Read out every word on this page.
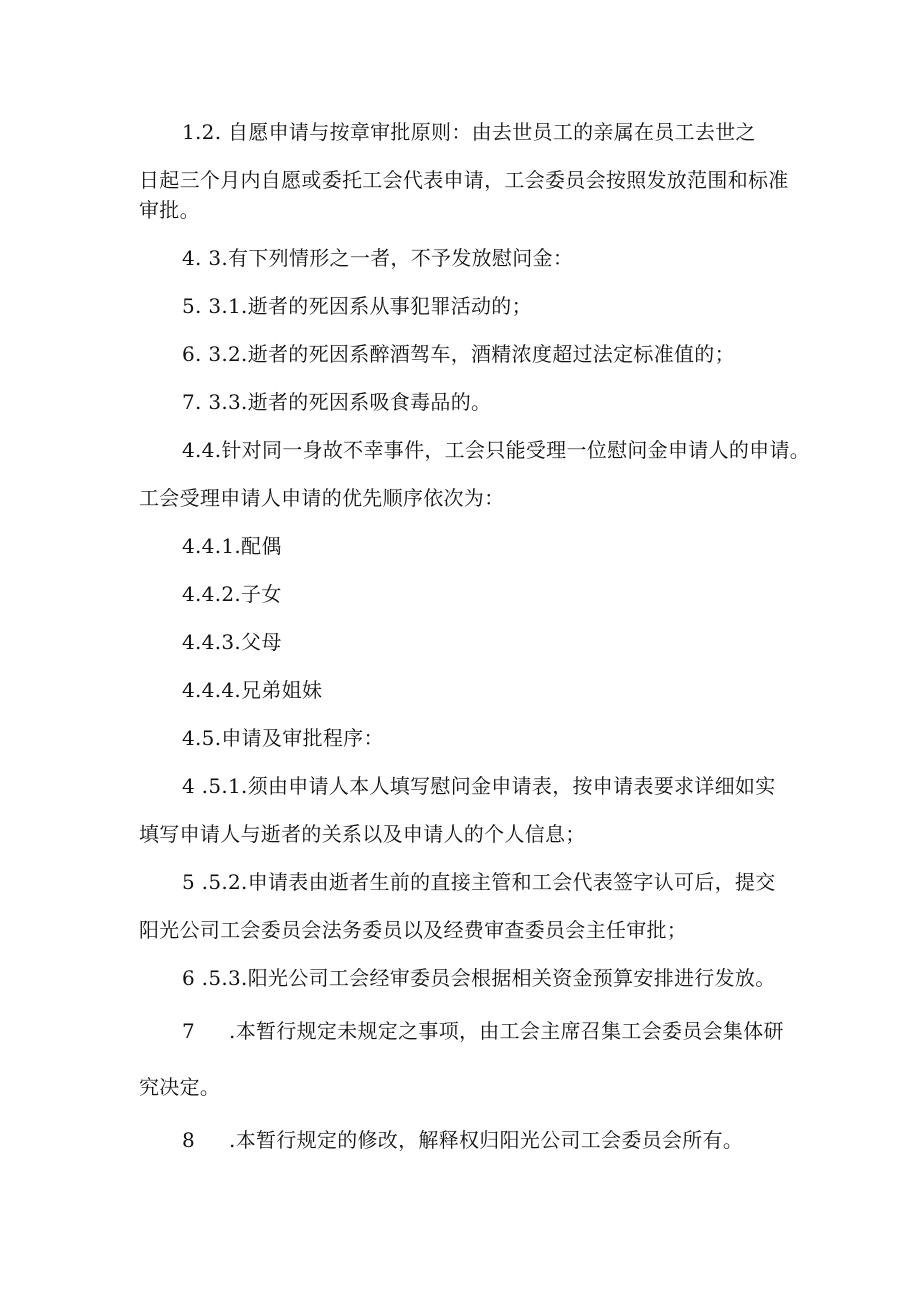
1.2. 自愿申请与按章审批原则：由去世员工的亲属在员工去世之
日起三个月内自愿或委托工会代表申请，工会委员会按照发放范围和标准
审批。
4. 3.有下列情形之一者，不予发放慰问金：
5. 3.1.逝者的死因系从事犯罪活动的；
6. 3.2.逝者的死因系醉酒驾车，酒精浓度超过法定标准值的；
7. 3.3.逝者的死因系吸食毒品的。
4.4.针对同一身故不幸事件，工会只能受理一位慰问金申请人的申请。
工会受理申请人申请的优先顺序依次为：
4.4.1.配偶
4.4.2.子女
4.4.3.父母
4.4.4.兄弟姐妹
4.5.申请及审批程序：
4 .5.1.须由申请人本人填写慰问金申请表，按申请表要求详细如实
填写申请人与逝者的关系以及申请人的个人信息；
5 .5.2.申请表由逝者生前的直接主管和工会代表签字认可后，提交
阳光公司工会委员会法务委员以及经费审查委员会主任审批；
6 .5.3.阳光公司工会经审委员会根据相关资金预算安排进行发放。
7 .本暂行规定未规定之事项，由工会主席召集工会委员会集体研
究决定。
8 .本暂行规定的修改，解释权归阳光公司工会委员会所有。
